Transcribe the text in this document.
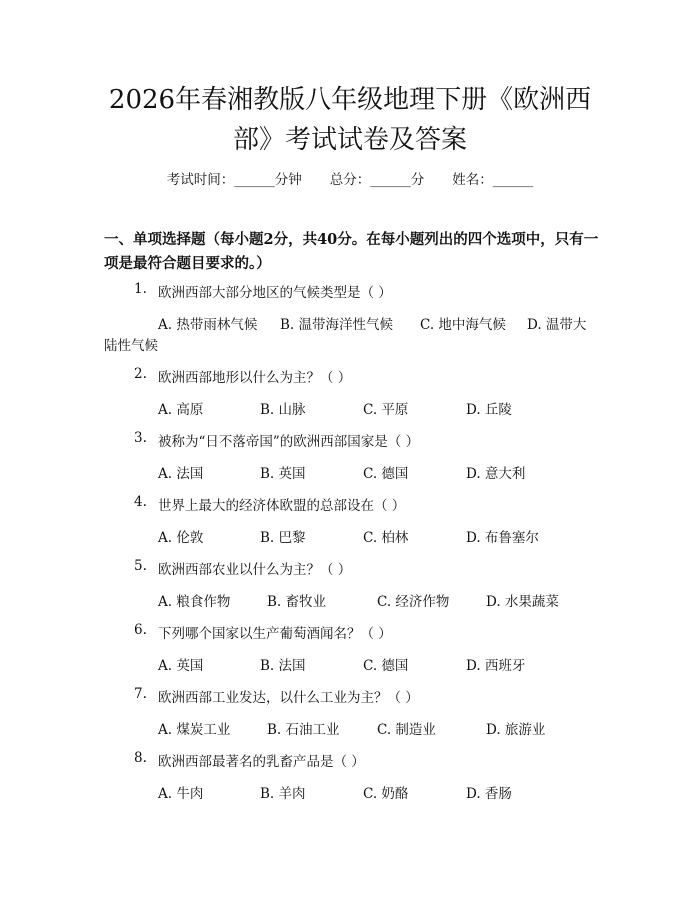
2026年春湘教版八年级地理下册《欧洲西
部》考试试卷及答案
考试时间：______分钟 总分：______分 姓名：______
一、单项选择题（每小题2分，共40分。在每小题列出的四个选项中，只有一项是最符合题目要求的。）
1. 欧洲西部大部分地区的气候类型是（ ）
A. 热带雨林气候 B. 温带海洋性气候 C. 地中海气候 D. 温带大
陆性气候
2. 欧洲西部地形以什么为主？（ ）
A. 高原	B. 山脉	C. 平原	D. 丘陵
3. 被称为“日不落帝国”的欧洲西部国家是（ ）
A. 法国	B. 英国	C. 德国	D. 意大利
4. 世界上最大的经济体欧盟的总部设在（ ）
A. 伦敦	B. 巴黎	C. 柏林	D. 布鲁塞尔
5. 欧洲西部农业以什么为主？（ ）
A. 粮食作物	B. 畜牧业	C. 经济作物	D. 水果蔬菜
6. 下列哪个国家以生产葡萄酒闻名？（ ）
A. 英国	B. 法国	C. 德国	D. 西班牙
7. 欧洲西部工业发达，以什么工业为主？（ ）
A. 煤炭工业	B. 石油工业	C. 制造业	D. 旅游业
8. 欧洲西部最著名的乳畜产品是（ ）
A. 牛肉	B. 羊肉	C. 奶酪	D. 香肠
